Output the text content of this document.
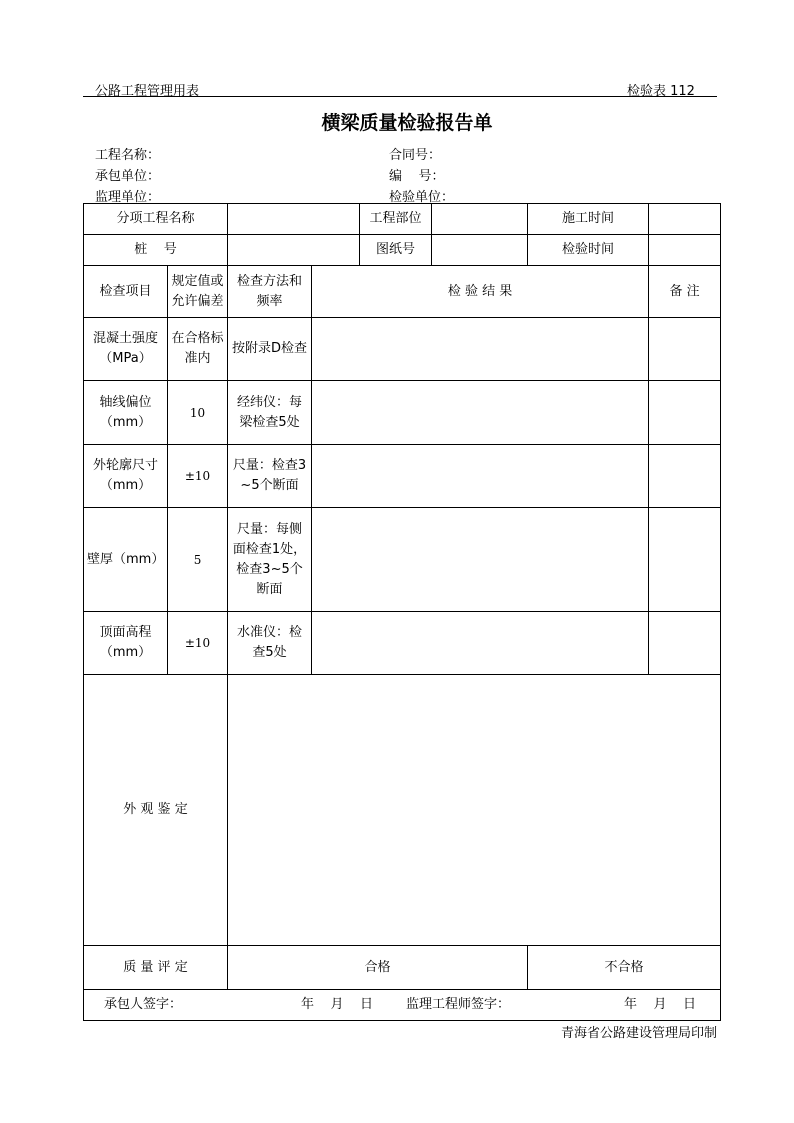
公路工程管理用表	检验表 112
横梁质量检验报告单
工程名称：	合同号：
承包单位：	编    号：
监理单位：	检验单位：
分项工程名称				工程部位		施工时间	
桩    号				图纸号		检验时间	
检查项目	规定值或允许偏差	检查方法和频率	检 验 结 果				备 注
混凝土强度（MPa）	在合格标准内	按附录D检查					
轴线偏位（mm）	10	经纬仪：每梁检查5处					
外轮廓尺寸（mm）	±10	尺量：检查3~5个断面					
壁厚（mm）	5	尺量：每侧面检查1处，检查3~5个断面					
顶面高程（mm）	±10	水准仪：检查5处					
外 观 鉴 定							
质 量 评 定		合格				不合格	

承包人签字： 年    月    日 监理工程师签字： 年    月    日							
青海省公路建设管理局印制
